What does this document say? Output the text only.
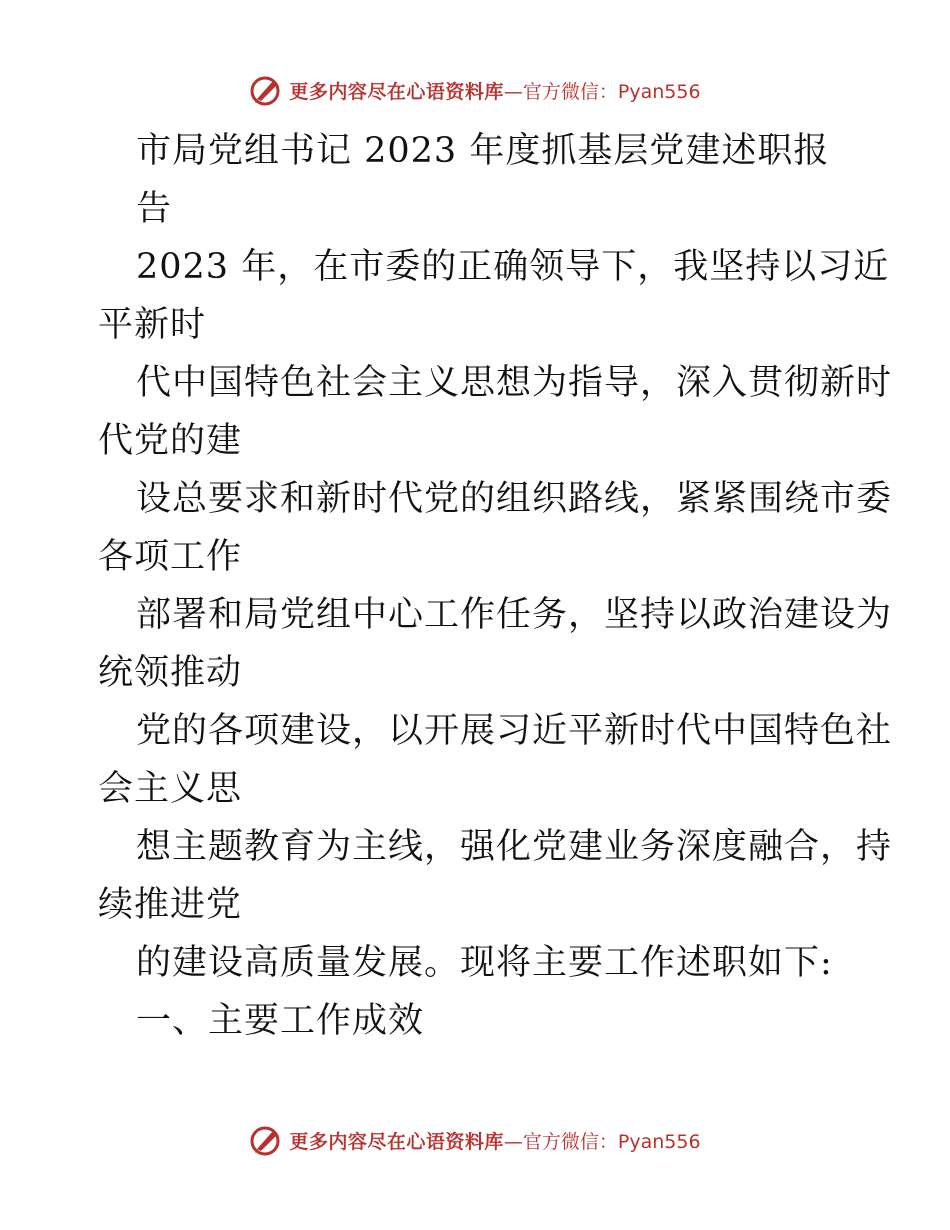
更多内容尽在心语资料库—官方微信：Pyan556
市局党组书记 2023 年度抓基层党建述职报
告
2023 年，在市委的正确领导下，我坚持以习近
平新时
代中国特色社会主义思想为指导，深入贯彻新时
代党的建
设总要求和新时代党的组织路线，紧紧围绕市委
各项工作
部署和局党组中心工作任务，坚持以政治建设为
统领推动
党的各项建设，以开展习近平新时代中国特色社
会主义思
想主题教育为主线，强化党建业务深度融合，持
续推进党
的建设高质量发展。现将主要工作述职如下:
一、主要工作成效
更多内容尽在心语资料库—官方微信：Pyan556
